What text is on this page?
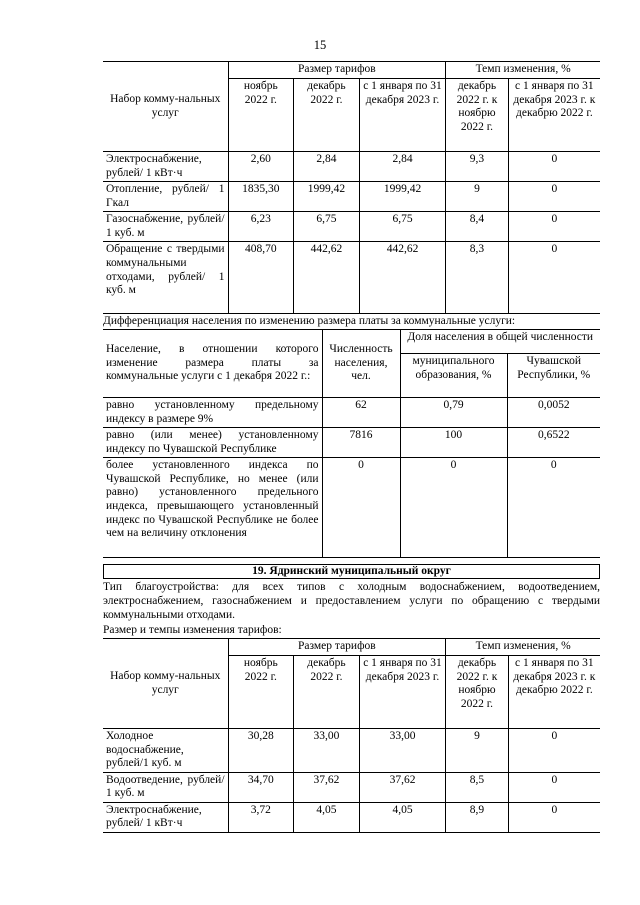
15
Набор комму-нальных услуг	Размер тарифов			Темп изменения, %	
	ноябрь 2022 г.	декабрь 2022 г.	с 1 января по 31 декабря 2023 г.	декабрь 2022 г. к ноябрю 2022 г.	с 1 января по 31 декабря 2023 г. к декабрю 2022 г.
Электроснабжение, рублей/ 1 кВт·ч	2,60	2,84	2,84	9,3	0
Отопление, рублей/ 1 Гкал	1835,30	1999,42	1999,42	9	0
Газоснабжение, рублей/ 1 куб. м	6,23	6,75	6,75	8,4	0
Обращение с твердыми коммунальными отходами, рублей/ 1 куб. м	408,70	442,62	442,62	8,3	0
Дифференциация населения по изменению размера платы за коммунальные услуги:
Население, в отношении которого изменение размера платы за коммунальные услуги с 1 декабря 2022 г.:	Численность населения, чел.	Доля населения в общей численности	
		муниципального образования, %	Чувашской Республики, %
равно установленному предельному индексу в размере 9%	62	0,79	0,0052
равно (или менее) установленному индексу по Чувашской Республике	7816	100	0,6522
более установленного индекса по Чувашской Республике, но менее (или равно) установленного предельного индекса, превышающего установленный индекс по Чувашской Республике не более чем на величину отклонения	0	0	0
19. Ядринский муниципальный округ
Тип благоустройства: для всех типов с холодным водоснабжением, водоотведением, электроснабжением, газоснабжением и предоставлением услуги по обращению с твердыми коммунальными отходами.
Размер и темпы изменения тарифов:
Набор комму-нальных услуг	Размер тарифов			Темп изменения, %	
	ноябрь 2022 г.	декабрь 2022 г.	с 1 января по 31 декабря 2023 г.	декабрь 2022 г. к ноябрю 2022 г.	с 1 января по 31 декабря 2023 г. к декабрю 2022 г.
Холодное водоснабжение, рублей/1 куб. м	30,28	33,00	33,00	9	0
Водоотведение, рублей/ 1 куб. м	34,70	37,62	37,62	8,5	0
Электроснабжение, рублей/ 1 кВт·ч	3,72	4,05	4,05	8,9	0
